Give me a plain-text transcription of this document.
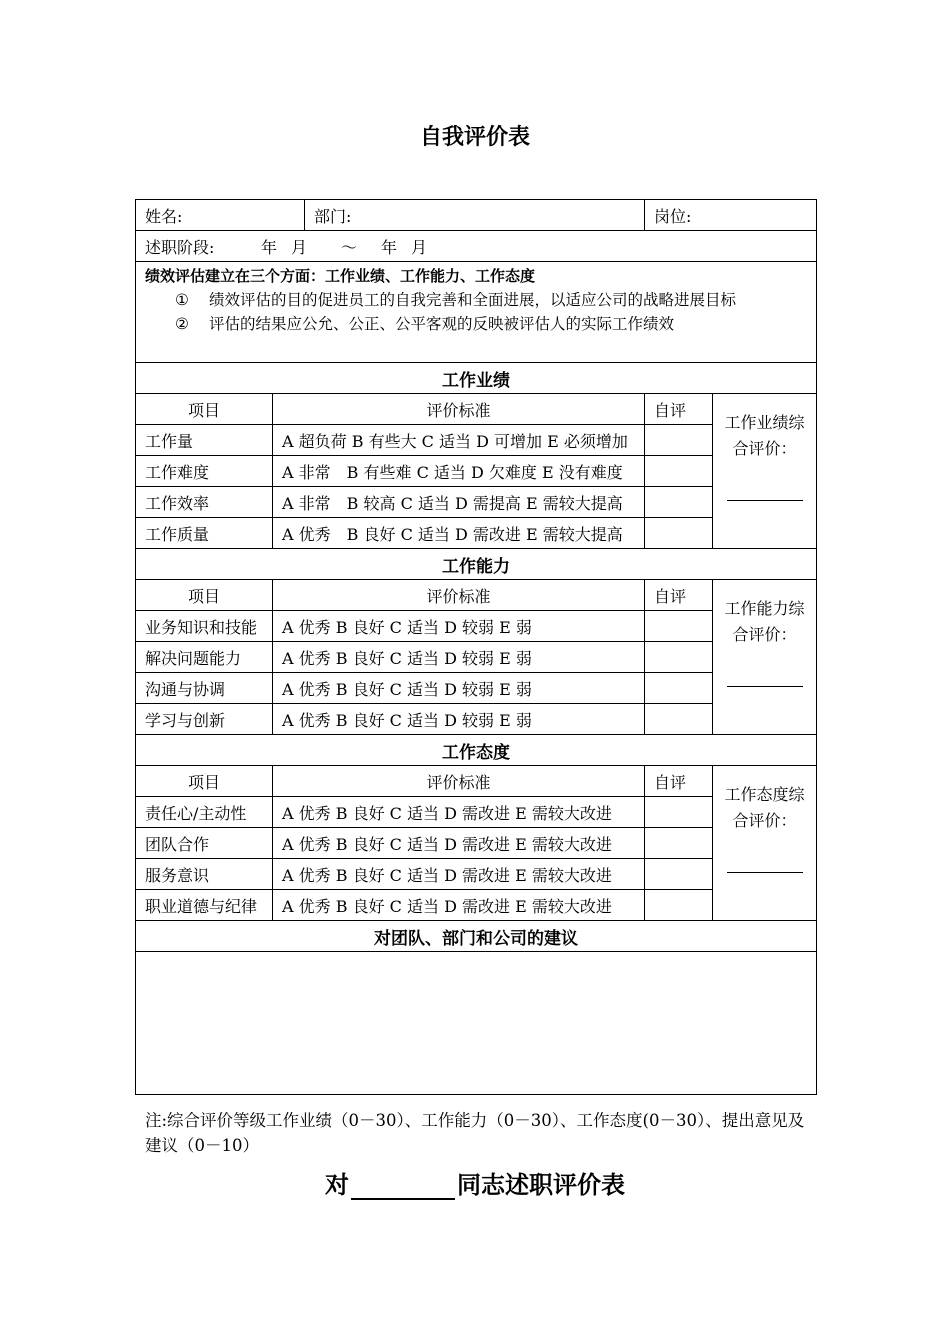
自我评价表
姓名:		部门:	岗位:	
述职阶段: 年 月 ～ 年 月				

绩效评估建立在三个方面：工作业绩、工作能力、工作态度
① 绩效评估的目的促进员工的自我完善和全面进展，以适应公司的战略进展目标
② 评估的结果应公允、公正、公平客观的反映被评估人的实际工作绩效				

工作业绩				
项目	评价标准		自评	工作业绩综合评价：

工作量	A 超负荷 B 有些大 C 适当 D 可增加 E 必须增加			
工作难度	A 非常　B 有些难 C 适当 D 欠难度 E 没有难度			
工作效率	A 非常　B 较高 C 适当 D 需提高 E 需较大提高			
工作质量	A 优秀　B 良好 C 适当 D 需改进 E 需较大提高			
工作能力				
项目	评价标准		自评	工作能力综合评价：

业务知识和技能	A 优秀 B 良好 C 适当 D 较弱 E 弱			
解决问题能力	A 优秀 B 良好 C 适当 D 较弱 E 弱			
沟通与协调	A 优秀 B 良好 C 适当 D 较弱 E 弱			
学习与创新	A 优秀 B 良好 C 适当 D 较弱 E 弱			
工作态度				
项目	评价标准		自评	工作态度综合评价：

责任心/主动性	A 优秀 B 良好 C 适当 D 需改进 E 需较大改进			
团队合作	A 优秀 B 良好 C 适当 D 需改进 E 需较大改进			
服务意识	A 优秀 B 良好 C 适当 D 需改进 E 需较大改进			
职业道德与纪律	A 优秀 B 良好 C 适当 D 需改进 E 需较大改进			
对团队、部门和公司的建议				

注:综合评价等级工作业绩（0－30）、工作能力（0－30）、工作态度(0－30）、提出意见及建议（0－10）
对	同志述职评价表
